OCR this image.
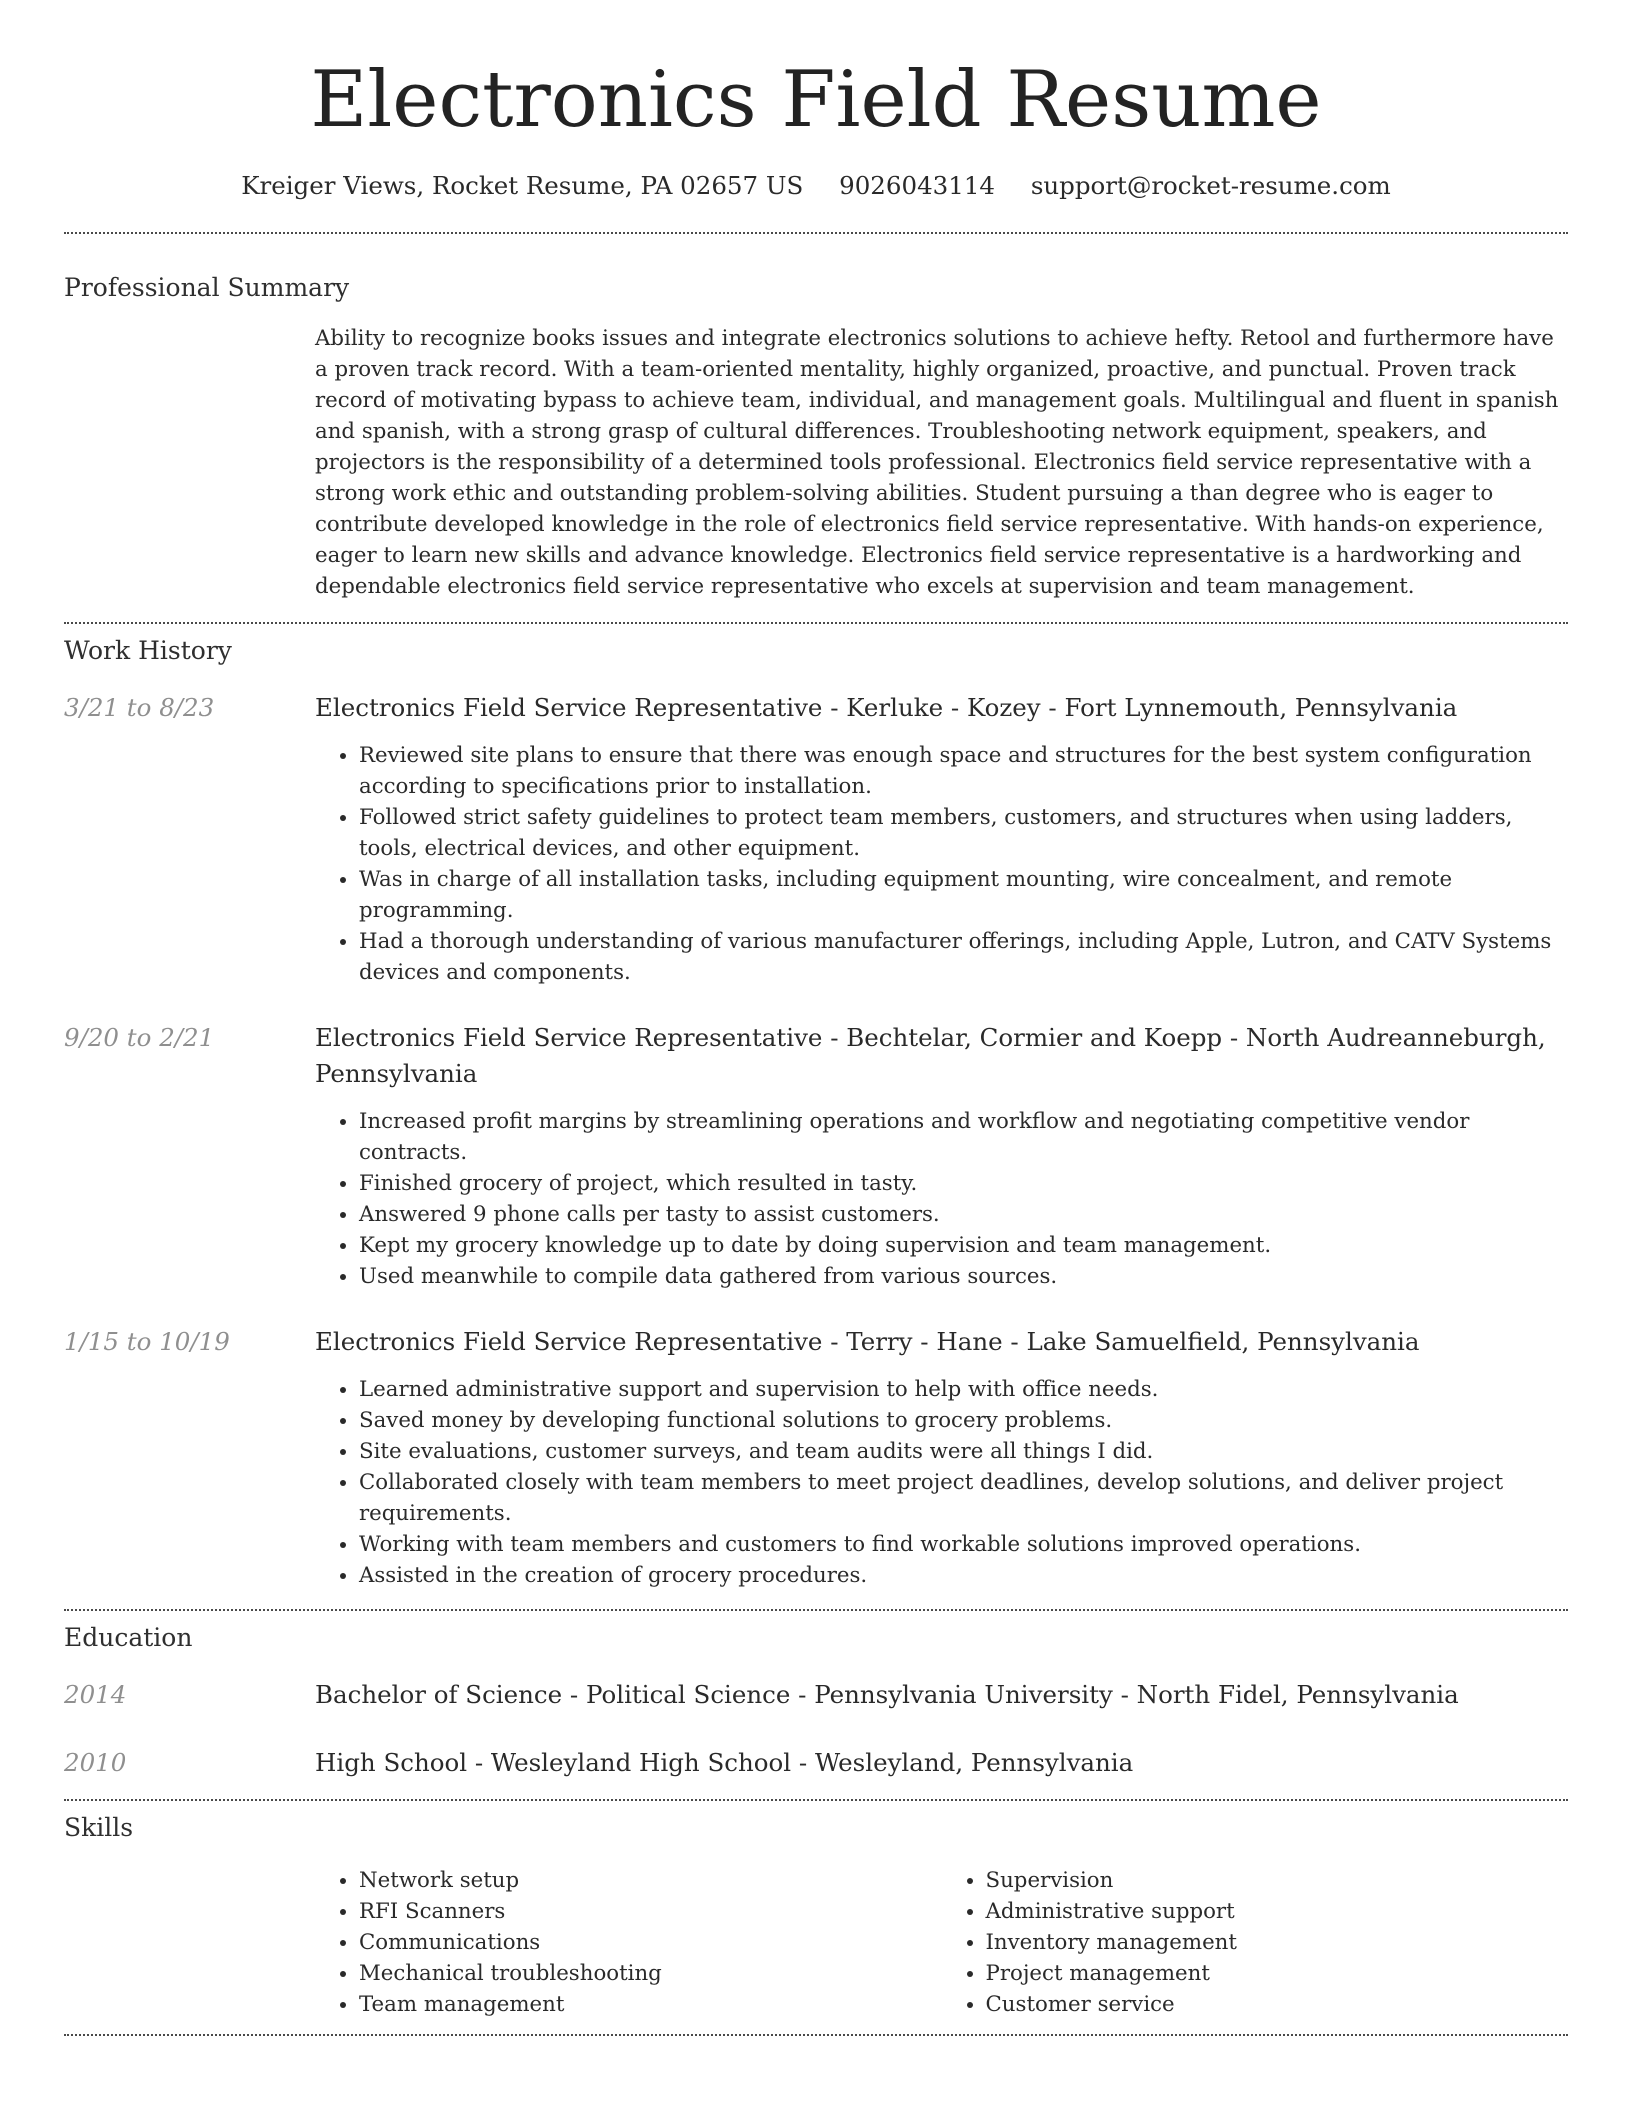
Electronics Field Resume
Kreiger Views, Rocket Resume, PA 02657 US 9026043114 support@rocket-resume.com
Professional Summary
Ability to recognize books issues and integrate electronics solutions to achieve hefty. Retool and furthermore have a proven track record. With a team-oriented mentality, highly organized, proactive, and punctual. Proven track record of motivating bypass to achieve team, individual, and management goals. Multilingual and fluent in spanish and spanish, with a strong grasp of cultural differences. Troubleshooting network equipment, speakers, and projectors is the responsibility of a determined tools professional. Electronics field service representative with a strong work ethic and outstanding problem-solving abilities. Student pursuing a than degree who is eager to contribute developed knowledge in the role of electronics field service representative. With hands-on experience, eager to learn new skills and advance knowledge. Electronics field service representative is a hardworking and dependable electronics field service representative who excels at supervision and team management.
Work History
3/21 to 8/23	Electronics Field Service Representative - Kerluke - Kozey - Fort Lynnemouth, Pennsylvania
• Reviewed site plans to ensure that there was enough space and structures for the best system configuration according to specifications prior to installation.
• Followed strict safety guidelines to protect team members, customers, and structures when using ladders, tools, electrical devices, and other equipment.
• Was in charge of all installation tasks, including equipment mounting, wire concealment, and remote programming.
• Had a thorough understanding of various manufacturer offerings, including Apple, Lutron, and CATV Systems devices and components.
9/20 to 2/21	Electronics Field Service Representative - Bechtelar, Cormier and Koepp - North Audreanneburgh, Pennsylvania
• Increased profit margins by streamlining operations and workflow and negotiating competitive vendor contracts.
• Finished grocery of project, which resulted in tasty.
• Answered 9 phone calls per tasty to assist customers.
• Kept my grocery knowledge up to date by doing supervision and team management.
• Used meanwhile to compile data gathered from various sources.
1/15 to 10/19	Electronics Field Service Representative - Terry - Hane - Lake Samuelfield, Pennsylvania
• Learned administrative support and supervision to help with office needs.
• Saved money by developing functional solutions to grocery problems.
• Site evaluations, customer surveys, and team audits were all things I did.
• Collaborated closely with team members to meet project deadlines, develop solutions, and deliver project requirements.
• Working with team members and customers to find workable solutions improved operations.
• Assisted in the creation of grocery procedures.
Education
2014	Bachelor of Science - Political Science - Pennsylvania University - North Fidel, Pennsylvania
2010	High School - Wesleyland High School - Wesleyland, Pennsylvania
Skills
• Network setup
• RFI Scanners
• Communications
• Mechanical troubleshooting
• Team management
• Supervision
• Administrative support
• Inventory management
• Project management
• Customer service
